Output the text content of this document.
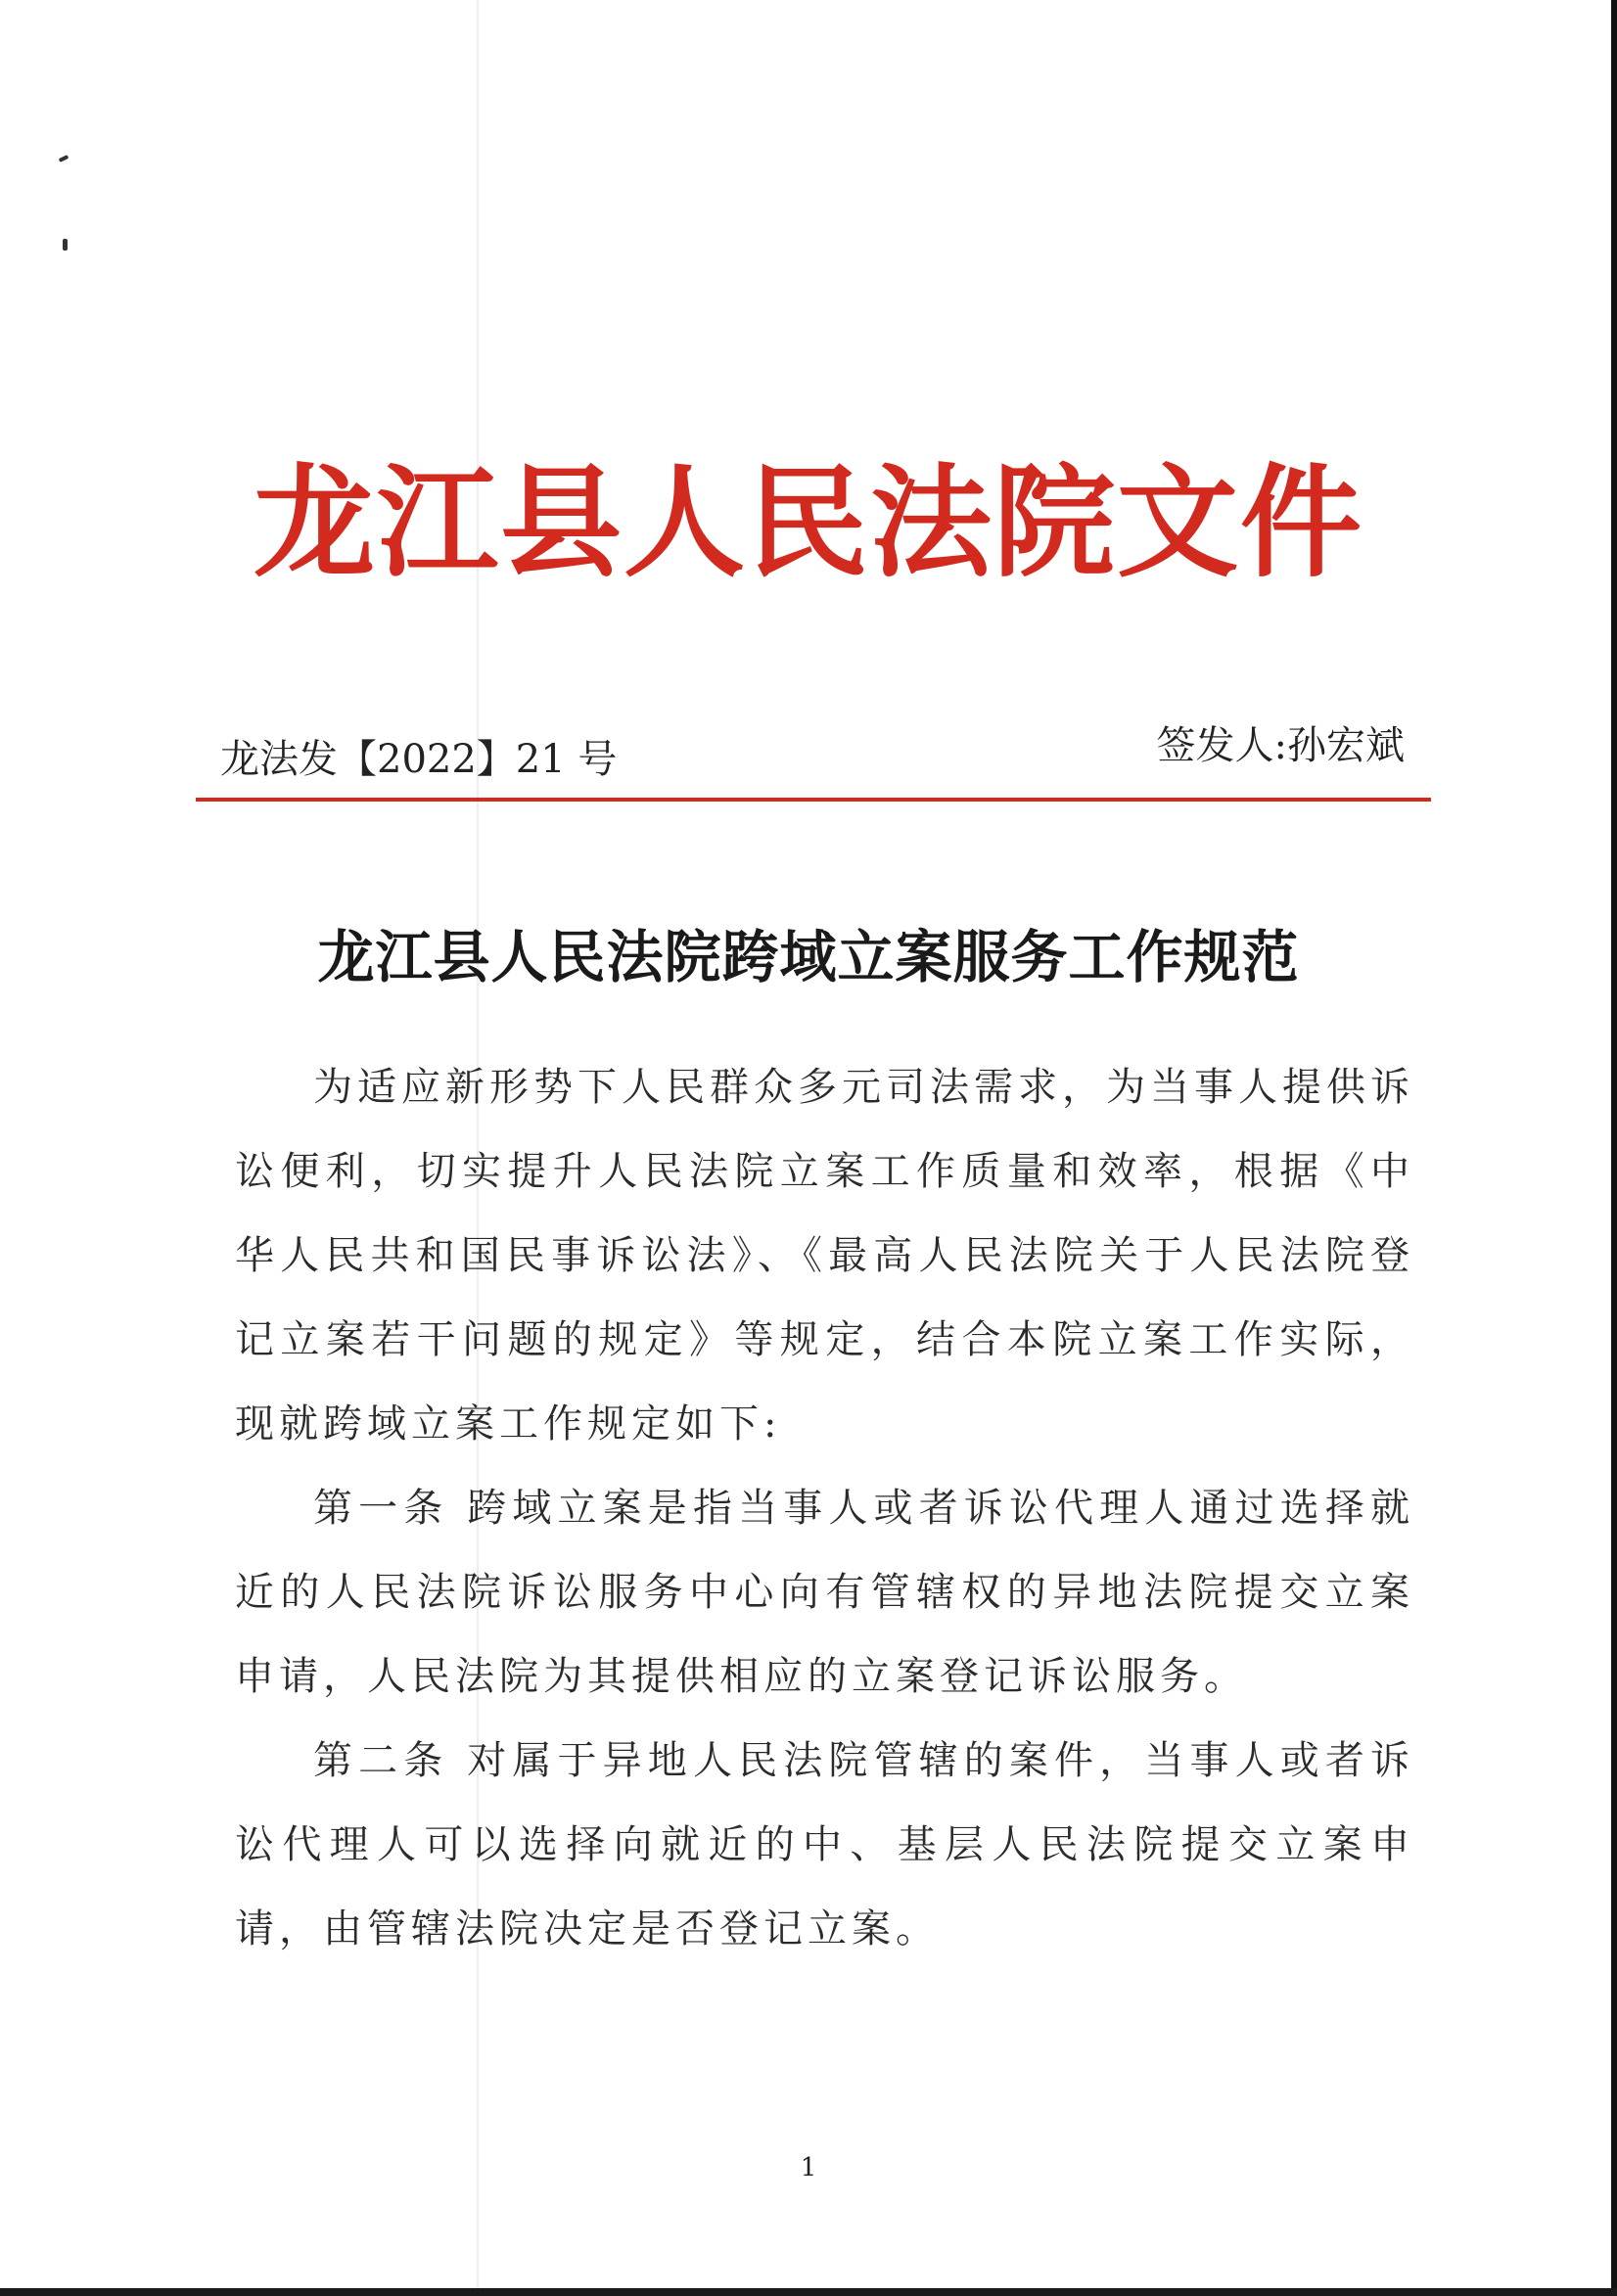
龙江县人民法院文件
龙法发【2022】21 号	签发人:孙宏斌
龙江县人民法院跨域立案服务工作规范

为适应新形势下人民群众多元司法需求，为当事人提供诉讼便利，切实提升人民法院立案工作质量和效率，根据《中华人民共和国民事诉讼法》、《最高人民法院关于人民法院登记立案若干问题的规定》等规定，结合本院立案工作实际，现就跨域立案工作规定如下:

第一条 跨域立案是指当事人或者诉讼代理人通过选择就近的人民法院诉讼服务中心向有管辖权的异地法院提交立案申请，人民法院为其提供相应的立案登记诉讼服务。

第二条 对属于异地人民法院管辖的案件，当事人或者诉讼代理人可以选择向就近的中、基层人民法院提交立案申请，由管辖法院决定是否登记立案。

1
